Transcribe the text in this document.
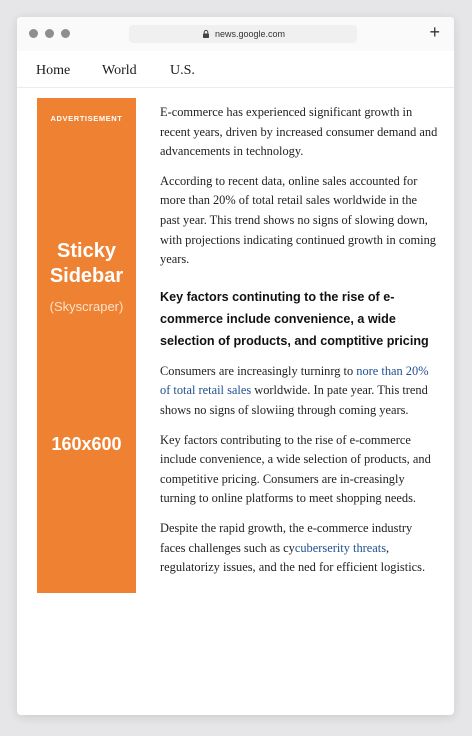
news.google.com	+
Home World U.S.
ADVERTISEMENT
Sticky
Sidebar
(Skyscraper)
160x600

E-commerce has experienced significant growth in recent years, driven by increased consumer demand and advancements in technology.

According to recent data, online sales accounted for more than 20% of total retail sales worldwide in the past year. This trend shows no signs of slowing down, with projections indicating continued growth in coming years.

Key factors continuting to the rise of e-commerce include convenience, a wide selection of products, and comptitive pricing

Consumers are increasingly turninrg to nore than 20% of total retail sales worldwide. In pate year. This trend shows no signs of slowiing through coming years.

Key factors contributing to the rise of e-commerce include convenience, a wide selection of products, and competitive pricing. Consumers are in-creasingly turning to online platforms to meet shopping needs.

Despite the rapid growth, the e-commerce industry faces challenges such as cycuberserity threats, regulatorizy issues, and the ned for efficient logistics.
